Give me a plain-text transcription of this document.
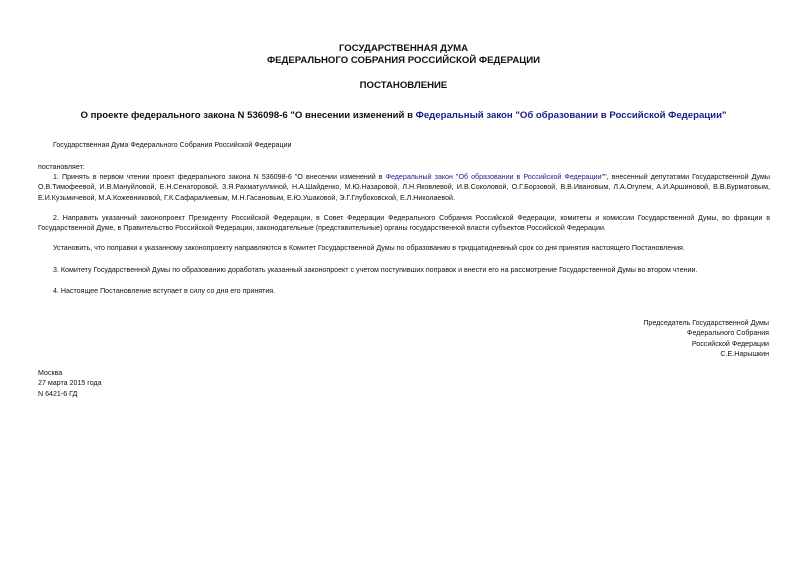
ГОСУДАРСТВЕННАЯ ДУМА
ФЕДЕРАЛЬНОГО СОБРАНИЯ РОССИЙСКОЙ ФЕДЕРАЦИИ
ПОСТАНОВЛЕНИЕ
О проекте федерального закона N 536098-6 "О внесении изменений в Федеральный закон "Об образовании в Российской Федерации"

Государственная Дума Федерального Собрания Российской Федерации

постановляет:

1. Принять в первом чтении проект федерального закона N 536098-6 "О внесении изменений в Федеральный закон "Об образовании в Российской Федерации"", внесенный депутатами Государственной Думы О.В.Тимофеевой, И.В.Мануйловой, Е.Н.Сенаторовой, З.Я.Рахматуллиной, Н.А.Шайденко, М.Ю.Назаровой, Л.Н.Яковлевой, И.В.Соколовой, О.Г.Борзовой, В.В.Ивановым, Л.А.Огулем, А.И.Аршиновой, В.В.Бурматовым, Е.И.Кузьмичевой, М.А.Кожевниковой, Г.К.Сафаралиевым, М.Н.Гасановым, Е.Ю.Ушаковой, Э.Г.Глубоковской, Е.Л.Николаевой.

2. Направить указанный законопроект Президенту Российской Федерации, в Совет Федерации Федерального Собрания Российской Федерации, комитеты и комиссии Государственной Думы, во фракции в Государственной Думе, в Правительство Российской Федерации, законодательные (представительные) органы государственной власти субъектов Российской Федерации.

Установить, что поправки к указанному законопроекту направляются в Комитет Государственной Думы по образованию в тридцатидневный срок со дня принятия настоящего Постановления.

3. Комитету Государственной Думы по образованию доработать указанный законопроект с учетом поступивших поправок и внести его на рассмотрение Государственной Думы во втором чтении.

4. Настоящее Постановление вступает в силу со дня его принятия.

Председатель Государственной Думы
Федерального Собрания
Российской Федерации
С.Е.Нарышкин
Москва
27 марта 2015 года
N 6421-6 ГД
